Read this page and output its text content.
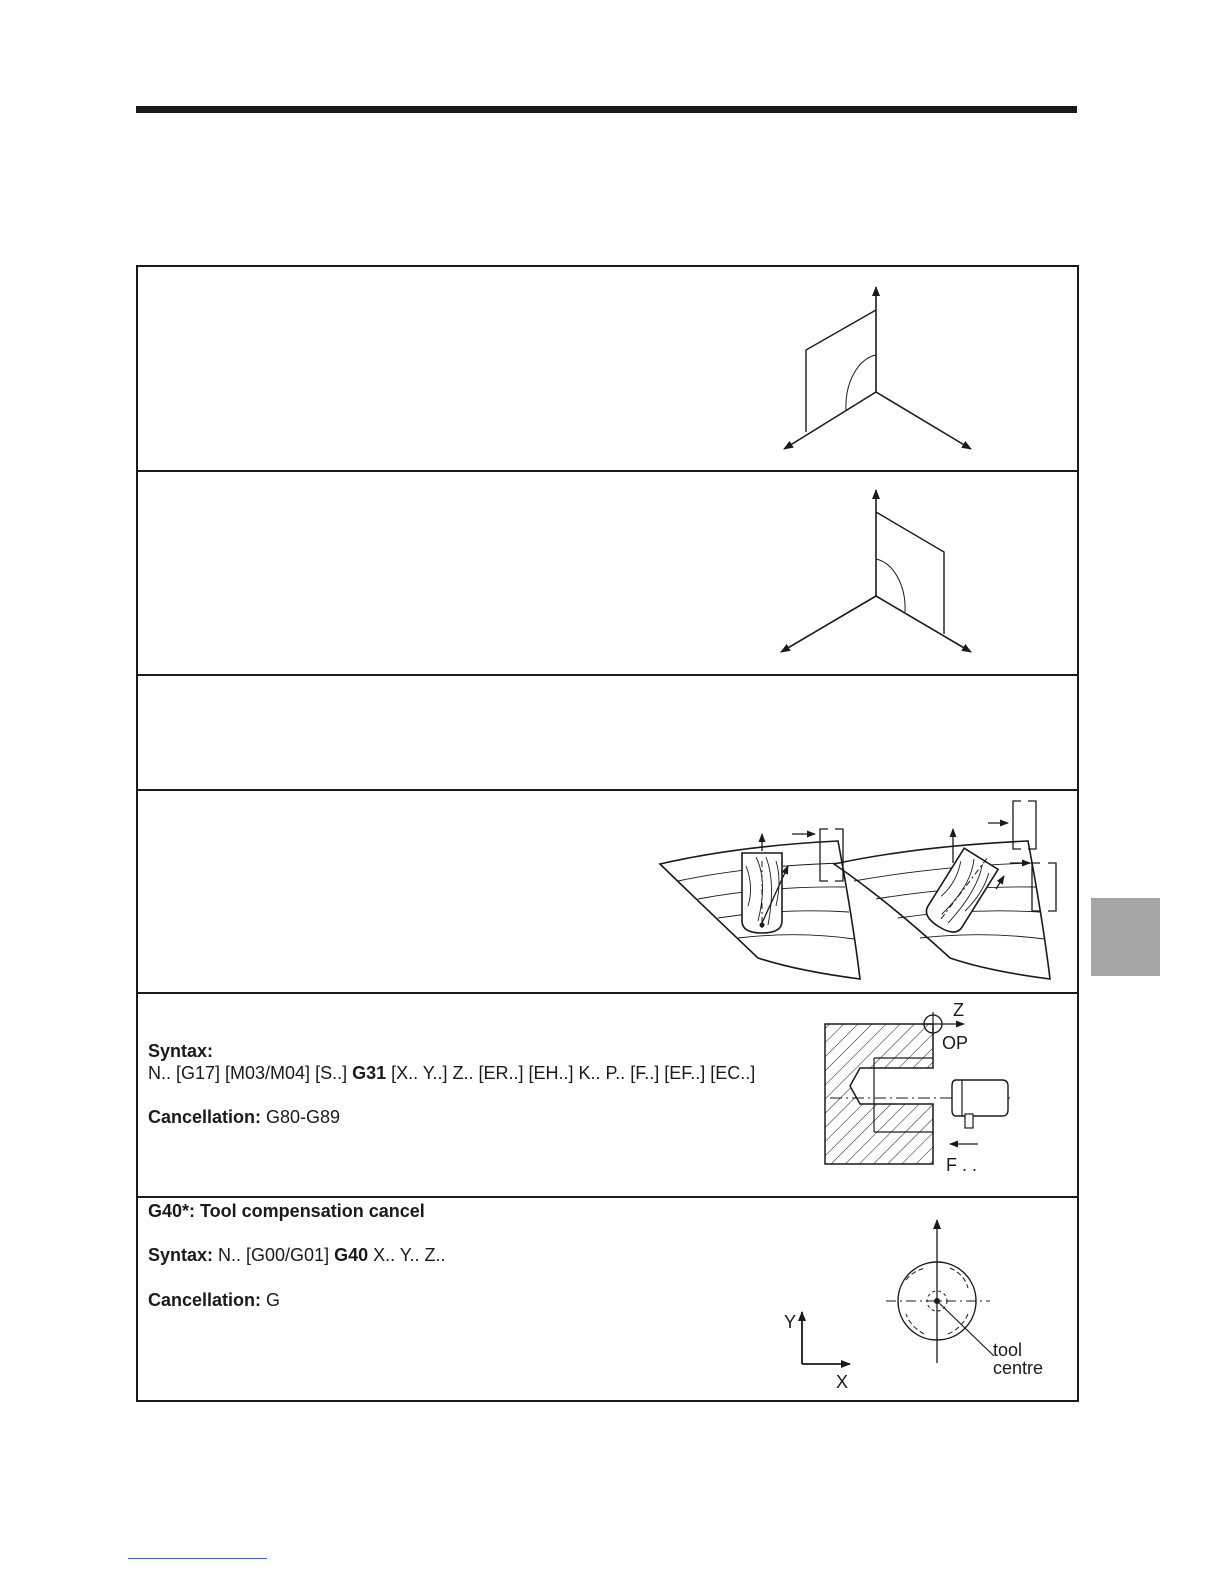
Syntax:
N.. [G17] [M03/M04] [S..] G31 [X.. Y..] Z.. [ER..] [EH..] K.. P.. [F..] [EF..] [EC..]
Cancellation: G80-G89
Z
OP
F . .
G40*: Tool compensation cancel
Syntax: N.. [G00/G01] G40 X.. Y.. Z..
Cancellation: G
Y
X
tool
centre
